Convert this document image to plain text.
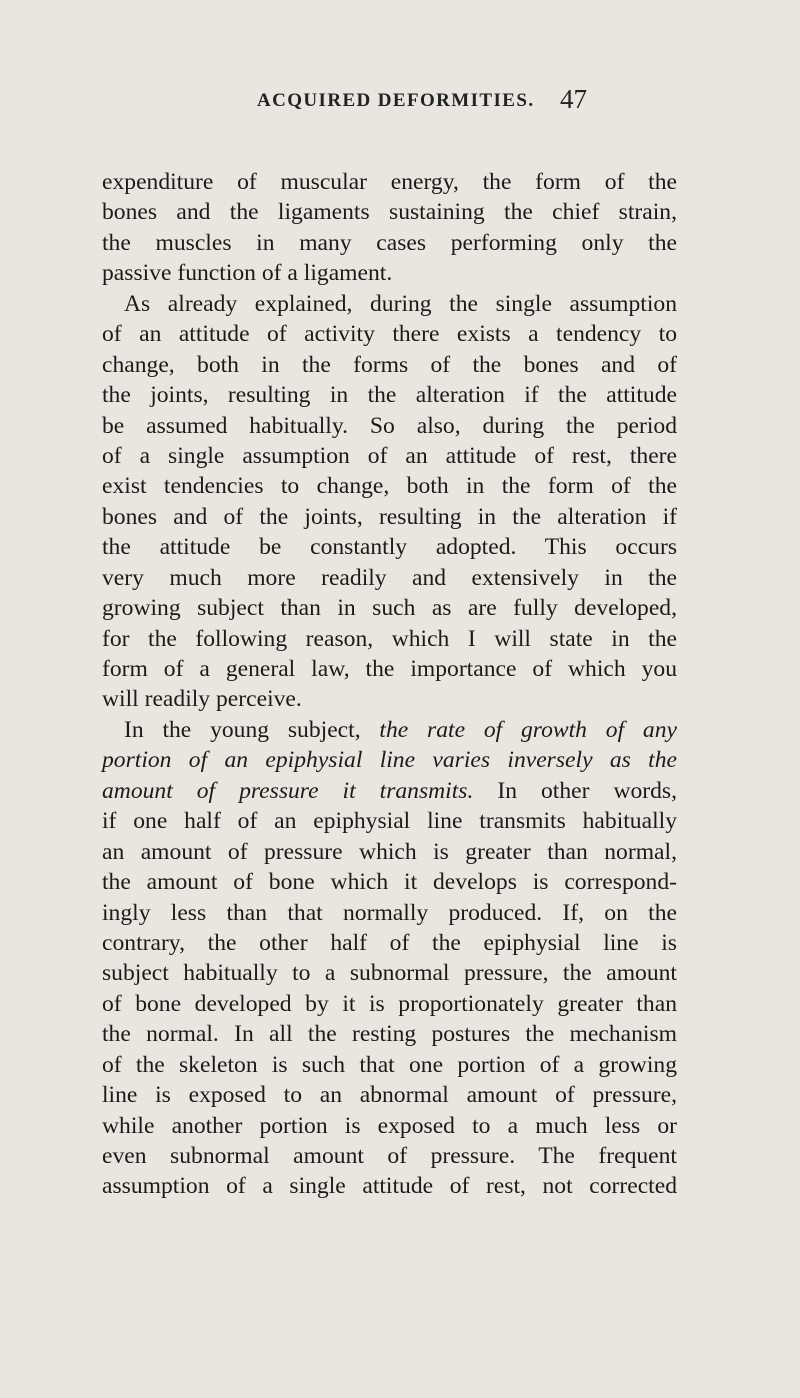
ACQUIRED DEFORMITIES. 47
expenditure of muscular energy, the form of the
bones and the ligaments sustaining the chief strain,
the muscles in many cases performing only the
passive function of a ligament.
As already explained, during the single assumption
of an attitude of activity there exists a tendency to
change, both in the forms of the bones and of
the joints, resulting in the alteration if the attitude
be assumed habitually. So also, during the period
of a single assumption of an attitude of rest, there
exist tendencies to change, both in the form of the
bones and of the joints, resulting in the alteration if
the attitude be constantly adopted. This occurs
very much more readily and extensively in the
growing subject than in such as are fully developed,
for the following reason, which I will state in the
form of a general law, the importance of which you
will readily perceive.
In the young subject, the rate of growth of any
portion of an epiphysial line varies inversely as the
amount of pressure it transmits. In other words,
if one half of an epiphysial line transmits habitually
an amount of pressure which is greater than normal,
the amount of bone which it develops is correspond-
ingly less than that normally produced. If, on the
contrary, the other half of the epiphysial line is
subject habitually to a subnormal pressure, the amount
of bone developed by it is proportionately greater than
the normal. In all the resting postures the mechanism
of the skeleton is such that one portion of a growing
line is exposed to an abnormal amount of pressure,
while another portion is exposed to a much less or
even subnormal amount of pressure. The frequent
assumption of a single attitude of rest, not corrected
